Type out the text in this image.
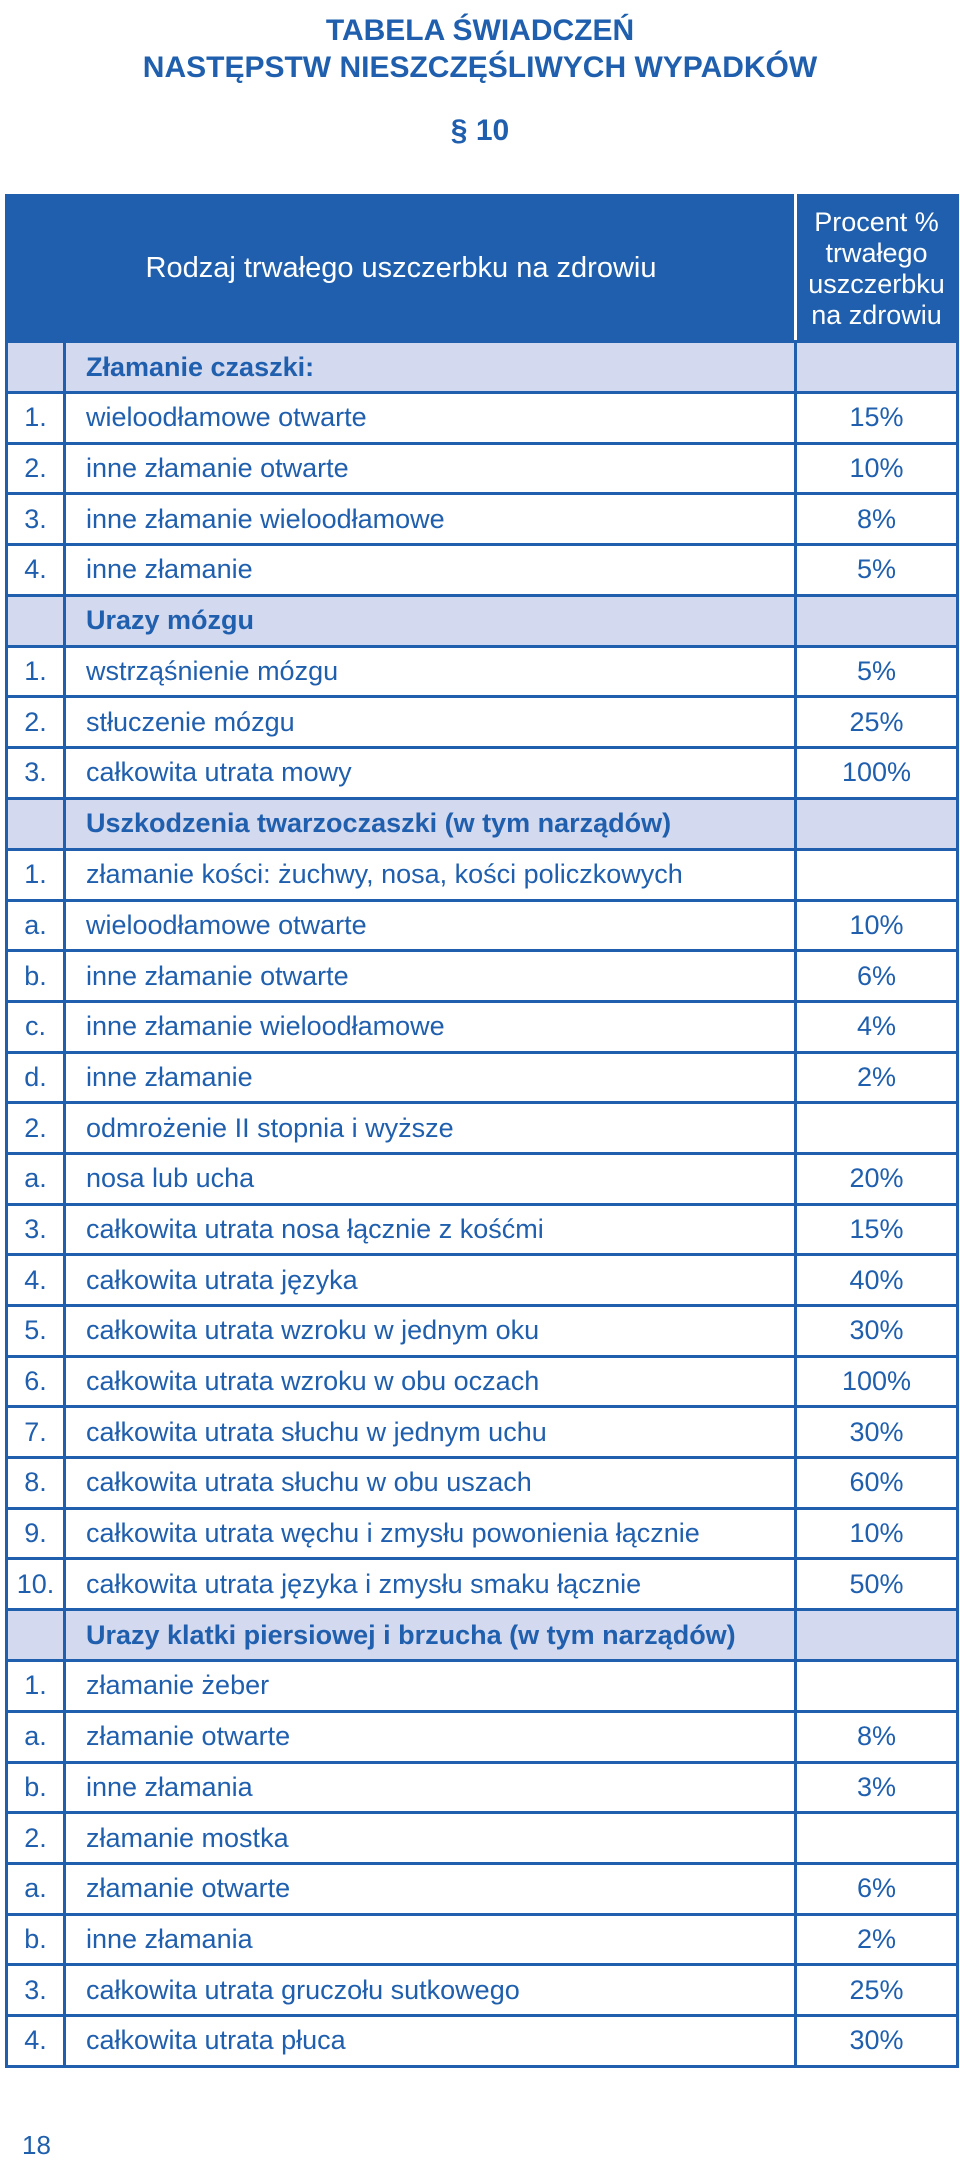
TABELA ŚWIADCZEŃ
NASTĘPSTW NIESZCZĘŚLIWYCH WYPADKÓW
§ 10
Rodzaj trwałego uszczerbku na zdrowiu		Procent % trwałego uszczerbku na zdrowiu
	Złamanie czaszki:	
1.	wieloodłamowe otwarte	15%
2.	inne złamanie otwarte	10%
3.	inne złamanie wieloodłamowe	8%
4.	inne złamanie	5%
	Urazy mózgu	
1.	wstrząśnienie mózgu	5%
2.	stłuczenie mózgu	25%
3.	całkowita utrata mowy	100%
	Uszkodzenia twarzoczaszki (w tym narządów)	
1.	złamanie kości: żuchwy, nosa, kości policzkowych	
a.	wieloodłamowe otwarte	10%
b.	inne złamanie otwarte	6%
c.	inne złamanie wieloodłamowe	4%
d.	inne złamanie	2%
2.	odmrożenie II stopnia i wyższe	
a.	nosa lub ucha	20%
3.	całkowita utrata nosa łącznie z kośćmi	15%
4.	całkowita utrata języka	40%
5.	całkowita utrata wzroku w jednym oku	30%
6.	całkowita utrata wzroku w obu oczach	100%
7.	całkowita utrata słuchu w jednym uchu	30%
8.	całkowita utrata słuchu w obu uszach	60%
9.	całkowita utrata węchu i zmysłu powonienia łącznie	10%
10.	całkowita utrata języka i zmysłu smaku łącznie	50%
	Urazy klatki piersiowej i brzucha (w tym narządów)	
1.	złamanie żeber	
a.	złamanie otwarte	8%
b.	inne złamania	3%
2.	złamanie mostka	
a.	złamanie otwarte	6%
b.	inne złamania	2%
3.	całkowita utrata gruczołu sutkowego	25%
4.	całkowita utrata płuca	30%
18
